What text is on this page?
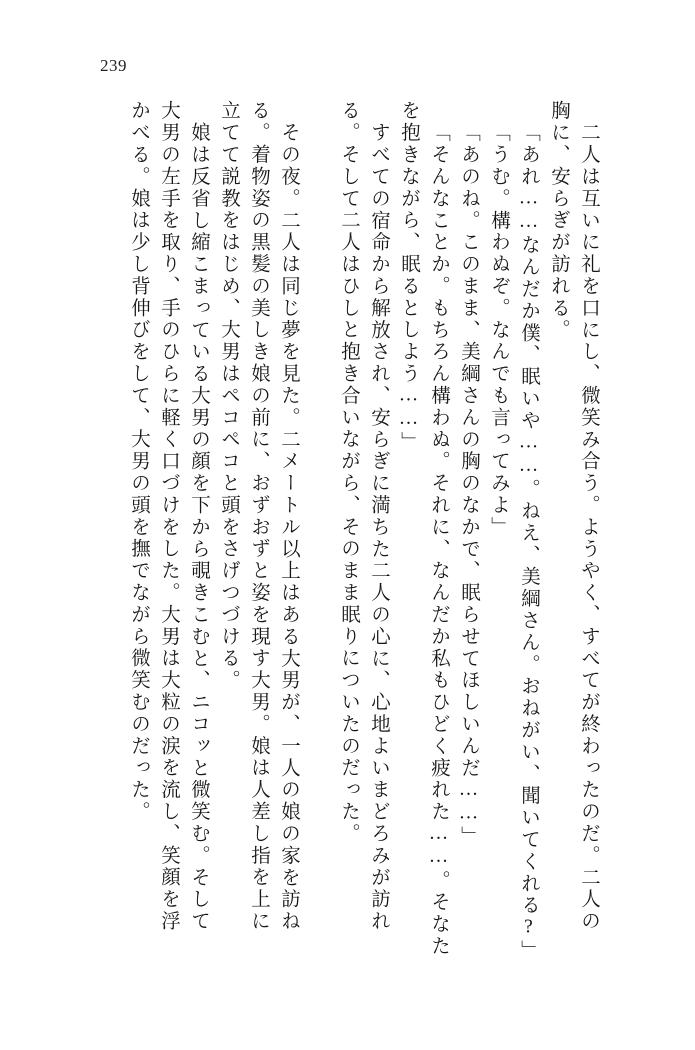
239
二人は互いに礼を口にし、微笑み合う。ようやく、すべてが終わったのだ。二人の
胸に、安らぎが訪れる。
「あれ……なんだか僕、眠いや……。ねえ、美綱さん。おねがい、聞いてくれる?」
「うむ。構わぬぞ。なんでも言ってみよ」
「あのね。このまま、美綱さんの胸のなかで、眠らせてほしいんだ……」
「そんなことか。もちろん構わぬ。それに、なんだか私もひどく疲れた……。そなた
を抱きながら、眠るとしよう……」
すべての宿命から解放され、安らぎに満ちた二人の心に、心地よいまどろみが訪れ
る。そして二人はひしと抱き合いながら、そのまま眠りについたのだった。
その夜。二人は同じ夢を見た。二メートル以上はある大男が、一人の娘の家を訪ね
る。着物姿の黒髪の美しき娘の前に、おずおずと姿を現す大男。娘は人差し指を上に
立てて説教をはじめ、大男はペコペコと頭をさげつづける。
娘は反省し縮こまっている大男の顔を下から覗きこむと、ニコッと微笑む。そして
大男の左手を取り、手のひらに軽く口づけをした。大男は大粒の涙を流し、笑顔を浮
かべる。娘は少し背伸びをして、大男の頭を撫でながら微笑むのだった。
